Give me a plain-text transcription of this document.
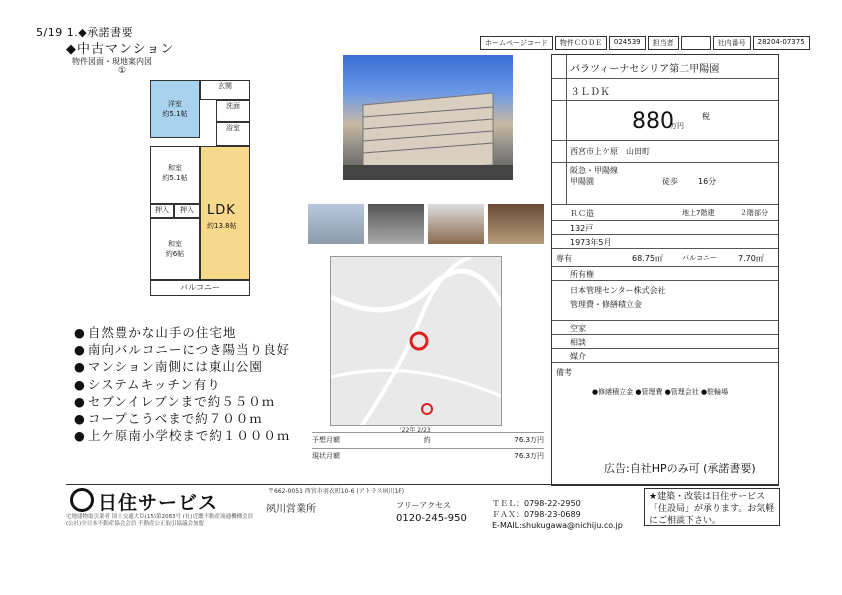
5/19 1.◆承諾書要
◆中古マンション
物件図面・現地案内図
①
洋室
約5.1帖
玄関
洗面
浴室
和室
約5.1帖
押入	押入
和室
約6帖
LDK
約13.8帖
バルコニー
● 自然豊かな山手の住宅地
● 南向バルコニーにつき陽当り良好
● マンション南側には東山公園
● システムキッチン有り
● セブンイレブンまで約５５０ｍ
● コープこうべまで約７００ｍ
● 上ケ原南小学校まで約１０００ｍ
ホームページコード	物件ＣＯＤＥ	024539	担当者	社内番号	28204-07375
予想月額	約	76.3万円
現状月額	76.3万円
'22年 2/23
パラツィーナセシリア第二甲陽園
３ＬＤＫ
880
万円
税
西宮市上ケ原　山田町
阪急・甲陽線
甲陽園	徒歩	16分
ＲＣ造	地上7階建	２階部分
132戸
1973年5月
専有	68.75㎡	バルコニー	7.70㎡
所有権
日本管理センター株式会社
管理費・修繕積立金
空家
相談
媒介
備考
●修繕積立金 ●管理費 ●管理会社 ●駐輪場
広告:自社HPのみ可 (承諾書要)
〒662-0051 西宮市羽衣町10-6 (アトラス夙川1F)
日住サービス	夙川営業所	フリーアクセス
0120-245-950
ＴＥＬ：0798-22-2950
ＦＡＸ：0798-23-0689
E-MAIL:shukugawa@nichiju.co.jp
★建築・改装は日住サービス「住設局」が承ります。お気軽にご相談下さい。
宅地建物取引業者 国土交通大臣(15)第2083号 (社)近畿不動産流通機構会員 (公社)全日本不動産協会会員 不動産公正取引協議会加盟
